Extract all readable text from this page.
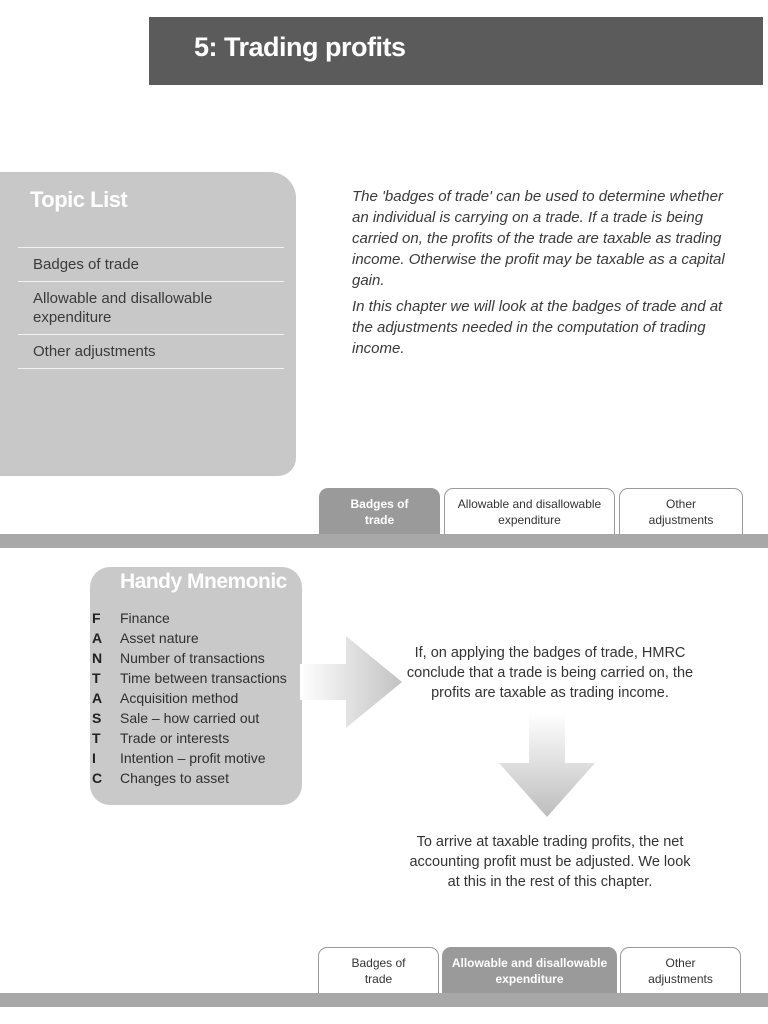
5: Trading profits
Topic List
Badges of trade
Allowable and disallowable expenditure
Other adjustments

The 'badges of trade' can be used to determine whether an individual is carrying on a trade. If a trade is being carried on, the profits of the trade are taxable as trading income. Otherwise the profit may be taxable as a capital gain.

In this chapter we will look at the badges of trade and at the adjustments needed in the computation of trading income.

Badges of trade
Allowable and disallowable expenditure
Other adjustments
Handy Mnemonic
F Finance
A Asset nature
N Number of transactions
T Time between transactions
A Acquisition method
S Sale – how carried out
T Trade or interests
I Intention – profit motive
C Changes to asset
If, on applying the badges of trade, HMRC conclude that a trade is being carried on, the profits are taxable as trading income.
To arrive at taxable trading profits, the net accounting profit must be adjusted. We look at this in the rest of this chapter.
Badges of trade
Allowable and disallowable expenditure
Other adjustments
